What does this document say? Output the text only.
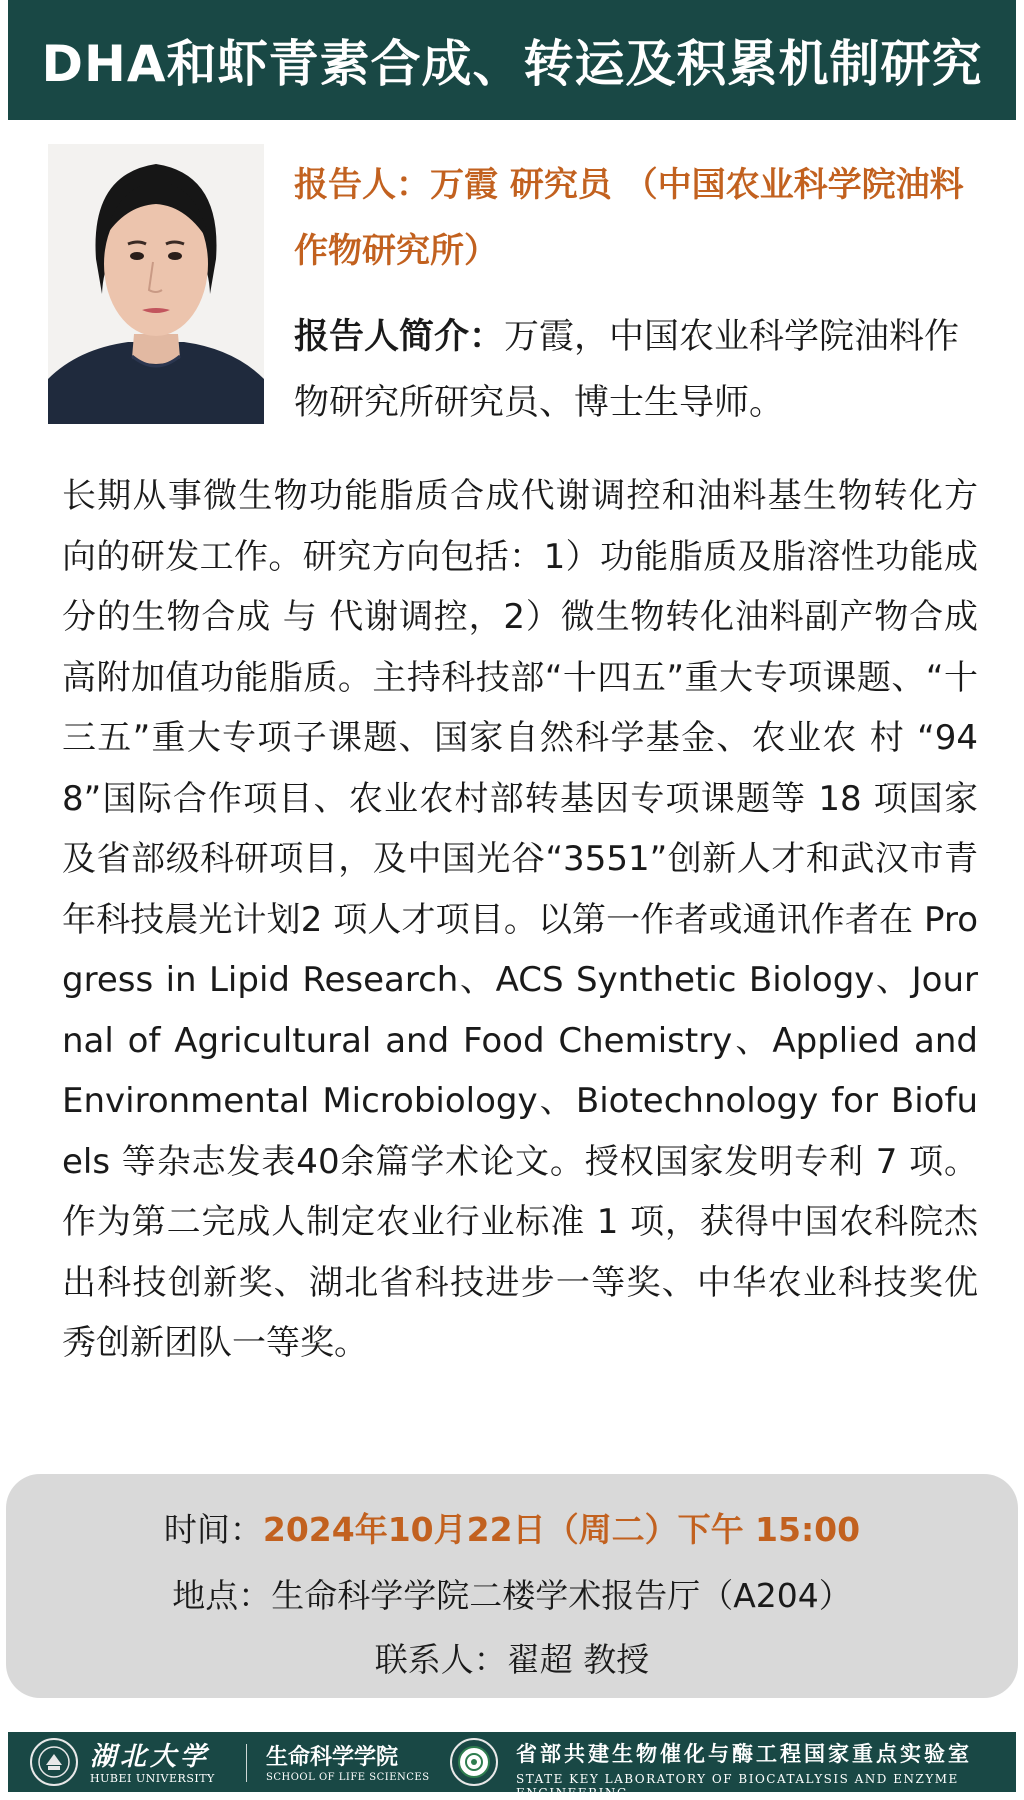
DHA和虾青素合成、转运及积累机制研究
报告人：万霞 研究员 （中国农业科学院油料作物研究所）
报告人简介：万霞，中国农业科学院油料作物研究所研究员、博士生导师。
长期从事微生物功能脂质合成代谢调控和油料基生物转化方向的研发工作。研究方向包括：1）功能脂质及脂溶性功能成分的生物合成 与 代谢调控，2）微生物转化油料副产物合成高附加值功能脂质。主持科技部“十四五”重大专项课题、“十三五”重大专项子课题、国家自然科学基金、农业农 村 “948”国际合作项目、农业农村部转基因专项课题等 18 项国家及省部级科研项目，及中国光谷“3551”创新人才和武汉市青年科技晨光计划2 项人才项目。以第一作者或通讯作者在 Progress in Lipid Research、ACS Synthetic Biology、Journal of Agricultural and Food Chemistry、Applied and Environmental Microbiology、Biotechnology for Biofuels 等杂志发表40余篇学术论文。授权国家发明专利 7 项。作为第二完成人制定农业行业标准 1 项，获得中国农科院杰出科技创新奖、湖北省科技进步一等奖、中华农业科技奖优秀创新团队一等奖。
时间：2024年10月22日（周二）下午 15:00
地点：生命科学学院二楼学术报告厅（A204）
联系人：翟超 教授
湖北大学
HUBEI UNIVERSITY
生命科学学院
SCHOOL OF LIFE SCIENCES
省部共建生物催化与酶工程国家重点实验室
STATE KEY LABORATORY OF BIOCATALYSIS AND ENZYME ENGINEERING
